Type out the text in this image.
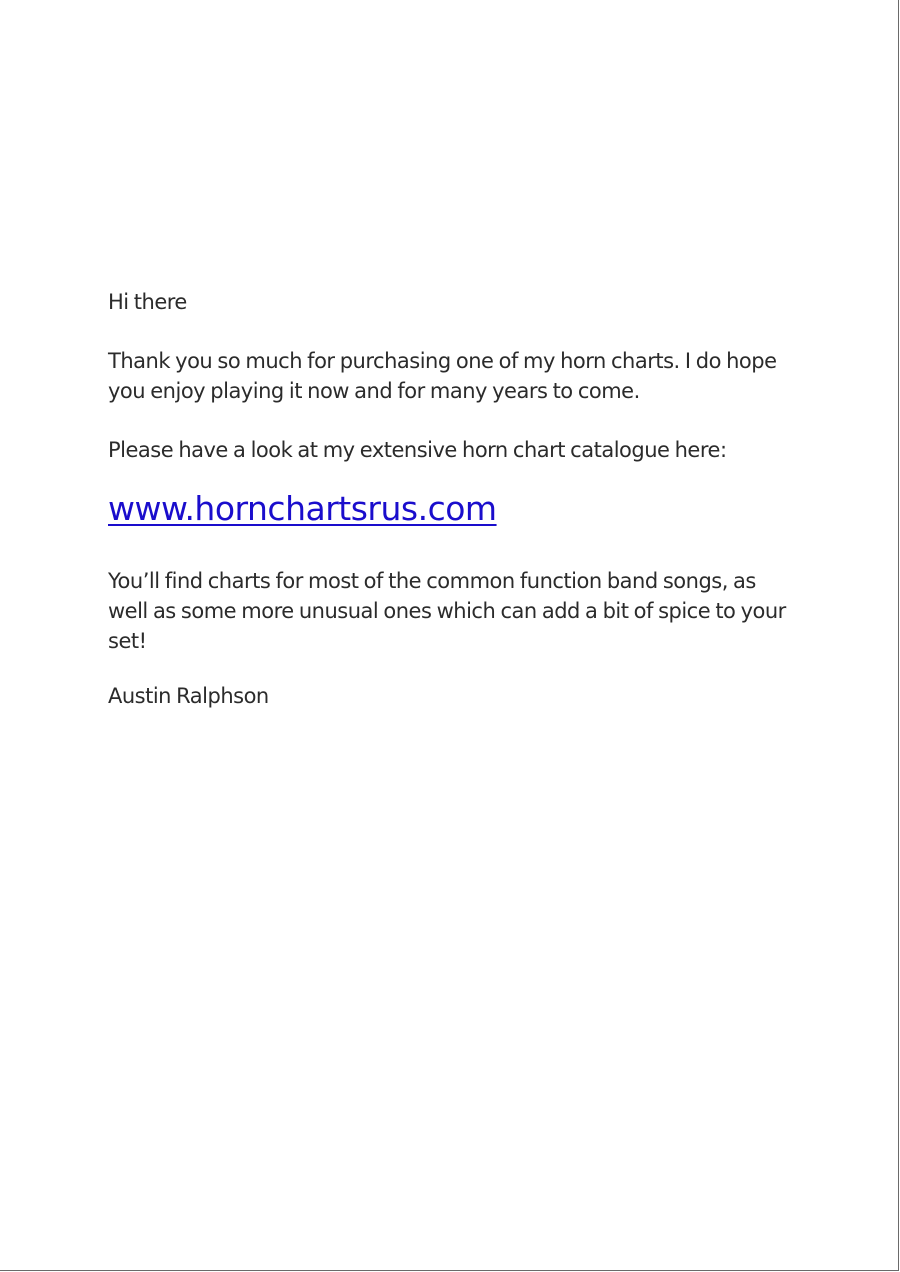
Hi there

Thank you so much for purchasing one of my horn charts. I do hope you enjoy playing it now and for many years to come.

Please have a look at my extensive horn chart catalogue here:

www.hornchartsrus.com

You’ll find charts for most of the common function band songs, as well as some more unusual ones which can add a bit of spice to your set!

Austin Ralphson
